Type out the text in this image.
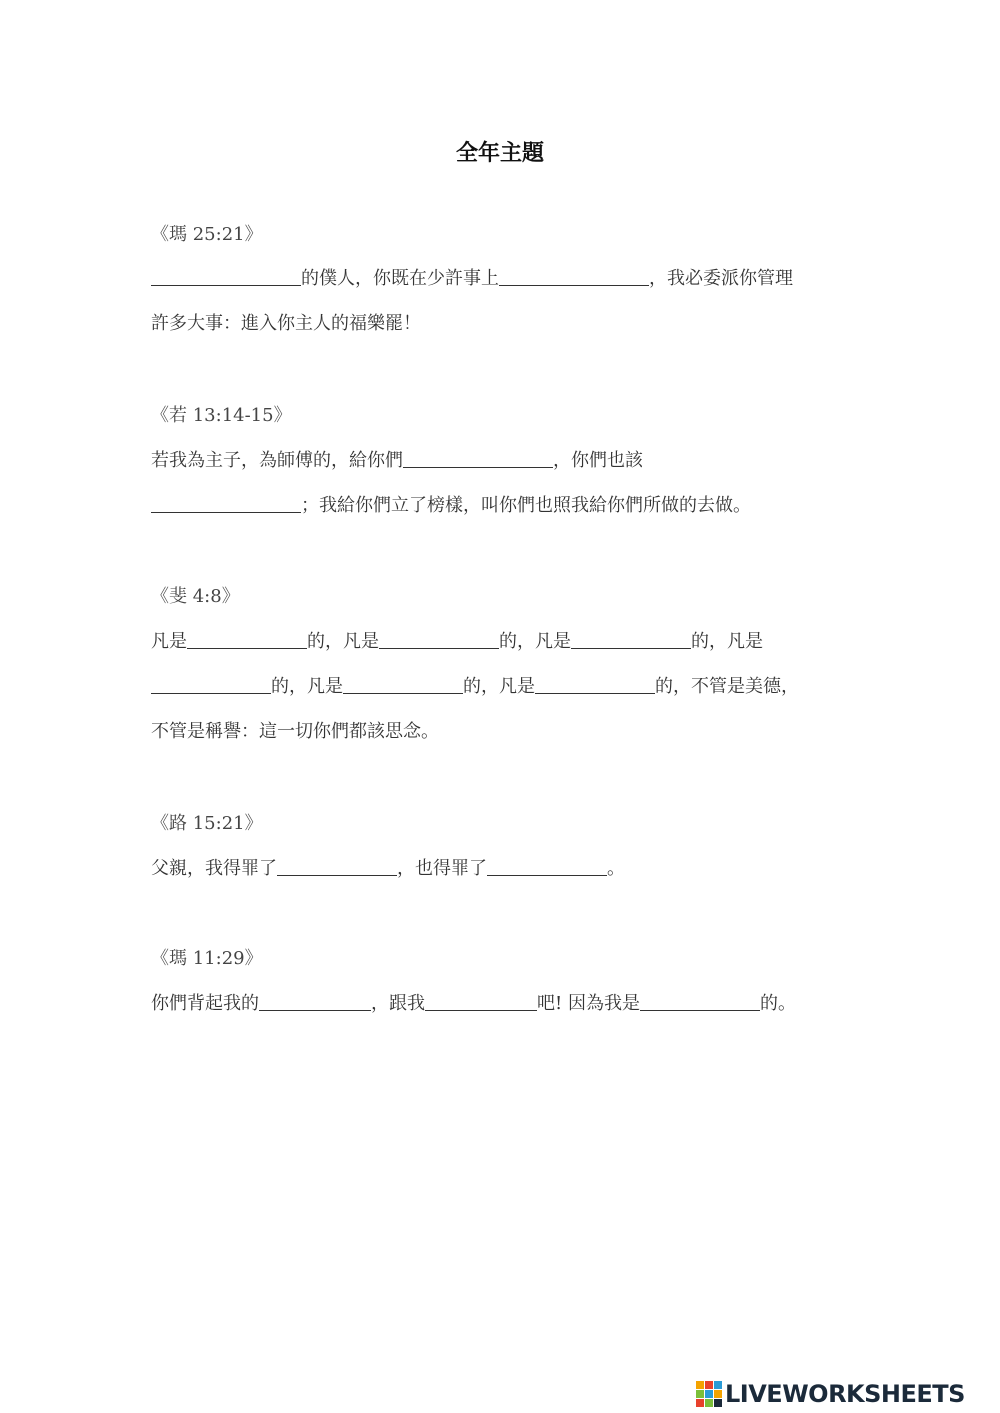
全年主題

《瑪 25:21》

的僕人，你既在少許事上	，我必委派你管理

許多大事：進入你主人的福樂罷！

《若 13:14-15》

若我為主子，為師傅的，給你們	，你們也該

；我給你們立了榜樣，叫你們也照我給你們所做的去做。

《斐 4:8》

凡是	的，凡是	的，凡是	的，凡是

的，凡是	的，凡是	的，不管是美德，

不管是稱譽：這一切你們都該思念。

《路 15:21》

父親，我得罪了	，也得罪了	。

《瑪 11:29》

你們背起我的	，跟我	吧! 因為我是	的。

LIVEWORKSHEETS
